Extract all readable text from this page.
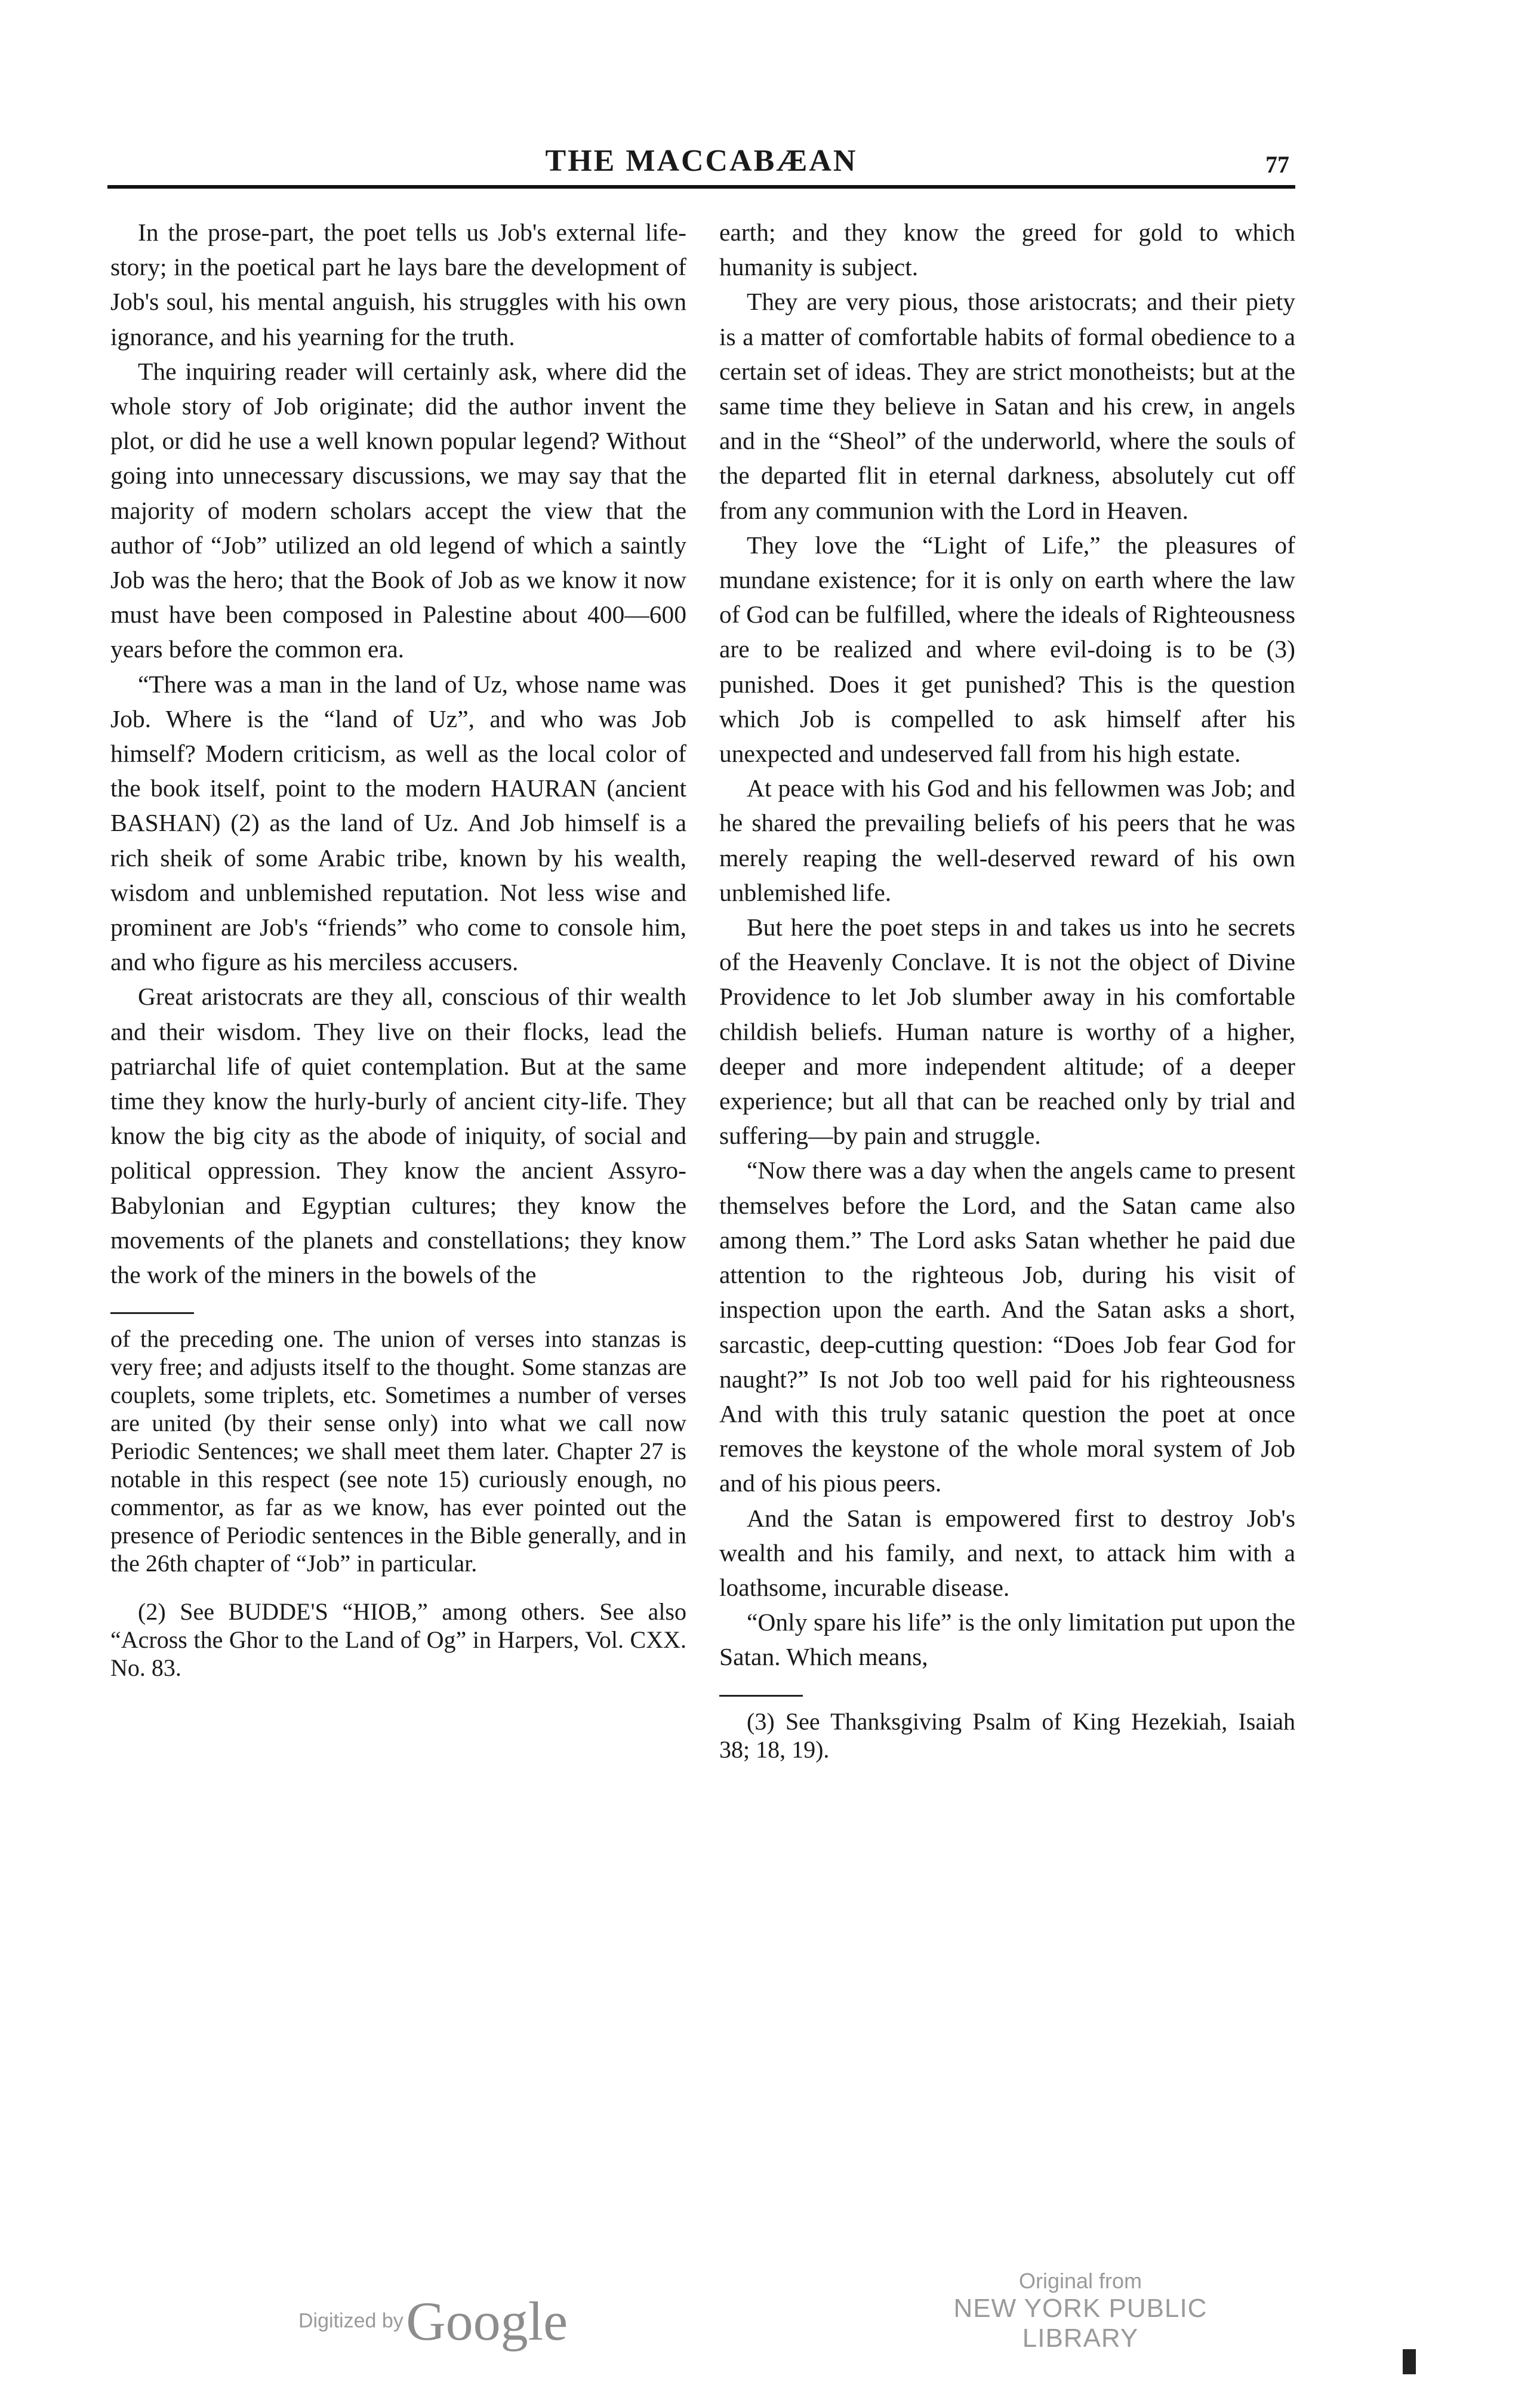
THE MACCABÆAN	77

In the prose-part, the poet tells us Job's external life-story; in the poetical part he lays bare the development of Job's soul, his mental anguish, his struggles with his own ignorance, and his yearning for the truth.

The inquiring reader will certainly ask, where did the whole story of Job originate; did the author invent the plot, or did he use a well known popular legend? Without going into unnecessary discussions, we may say that the majority of modern scholars accept the view that the author of “Job” utilized an old legend of which a saintly Job was the hero; that the Book of Job as we know it now must have been composed in Palestine about 400—600 years before the common era.

“There was a man in the land of Uz, whose name was Job. Where is the “land of Uz”, and who was Job himself? Modern criticism, as well as the local color of the book itself, point to the modern HAURAN (ancient BASHAN) (2) as the land of Uz. And Job himself is a rich sheik of some Arabic tribe, known by his wealth, wisdom and unblemished reputation. Not less wise and prominent are Job's “friends” who come to console him, and who figure as his merciless accusers.

Great aristocrats are they all, conscious of thir wealth and their wisdom. They live on their flocks, lead the patriarchal life of quiet contemplation. But at the same time they know the hurly-burly of ancient city-life. They know the big city as the abode of iniquity, of social and political oppression. They know the ancient Assyro-Babylonian and Egyptian cultures; they know the movements of the planets and constellations; they know the work of the miners in the bowels of the

of the preceding one. The union of verses into stanzas is very free; and adjusts itself to the thought. Some stanzas are couplets, some triplets, etc. Sometimes a number of verses are united (by their sense only) into what we call now Periodic Sentences; we shall meet them later. Chapter 27 is notable in this respect (see note 15) curiously enough, no commentor, as far as we know, has ever pointed out the presence of Periodic sentences in the Bible generally, and in the 26th chapter of “Job” in particular.

(2) See BUDDE'S “HIOB,” among others. See also “Across the Ghor to the Land of Og” in Harpers, Vol. CXX. No. 83.

earth; and they know the greed for gold to which humanity is subject.

They are very pious, those aristocrats; and their piety is a matter of comfortable habits of formal obedience to a certain set of ideas. They are strict monotheists; but at the same time they believe in Satan and his crew, in angels and in the “Sheol” of the underworld, where the souls of the departed flit in eternal darkness, absolutely cut off from any communion with the Lord in Heaven.

They love the “Light of Life,” the pleasures of mundane existence; for it is only on earth where the law of God can be fulfilled, where the ideals of Righteousness are to be realized and where evil-doing is to be (3) punished. Does it get punished? This is the question which Job is compelled to ask himself after his unexpected and undeserved fall from his high estate.

At peace with his God and his fellowmen was Job; and he shared the prevailing beliefs of his peers that he was merely reaping the well-deserved reward of his own unblemished life.

But here the poet steps in and takes us into he secrets of the Heavenly Conclave. It is not the object of Divine Providence to let Job slumber away in his comfortable childish beliefs. Human nature is worthy of a higher, deeper and more independent altitude; of a deeper experience; but all that can be reached only by trial and suffering—by pain and struggle.

“Now there was a day when the angels came to present themselves before the Lord, and the Satan came also among them.” The Lord asks Satan whether he paid due attention to the righteous Job, during his visit of inspection upon the earth. And the Satan asks a short, sarcastic, deep-cutting question: “Does Job fear God for naught?” Is not Job too well paid for his righteousness And with this truly satanic question the poet at once removes the keystone of the whole moral system of Job and of his pious peers.

And the Satan is empowered first to destroy Job's wealth and his family, and next, to attack him with a loathsome, incurable disease.

“Only spare his life” is the only limitation put upon the Satan. Which means,

(3) See Thanksgiving Psalm of King Hezekiah, Isaiah 38; 18, 19).

Digitized by Google
Original from
NEW YORK PUBLIC LIBRARY
